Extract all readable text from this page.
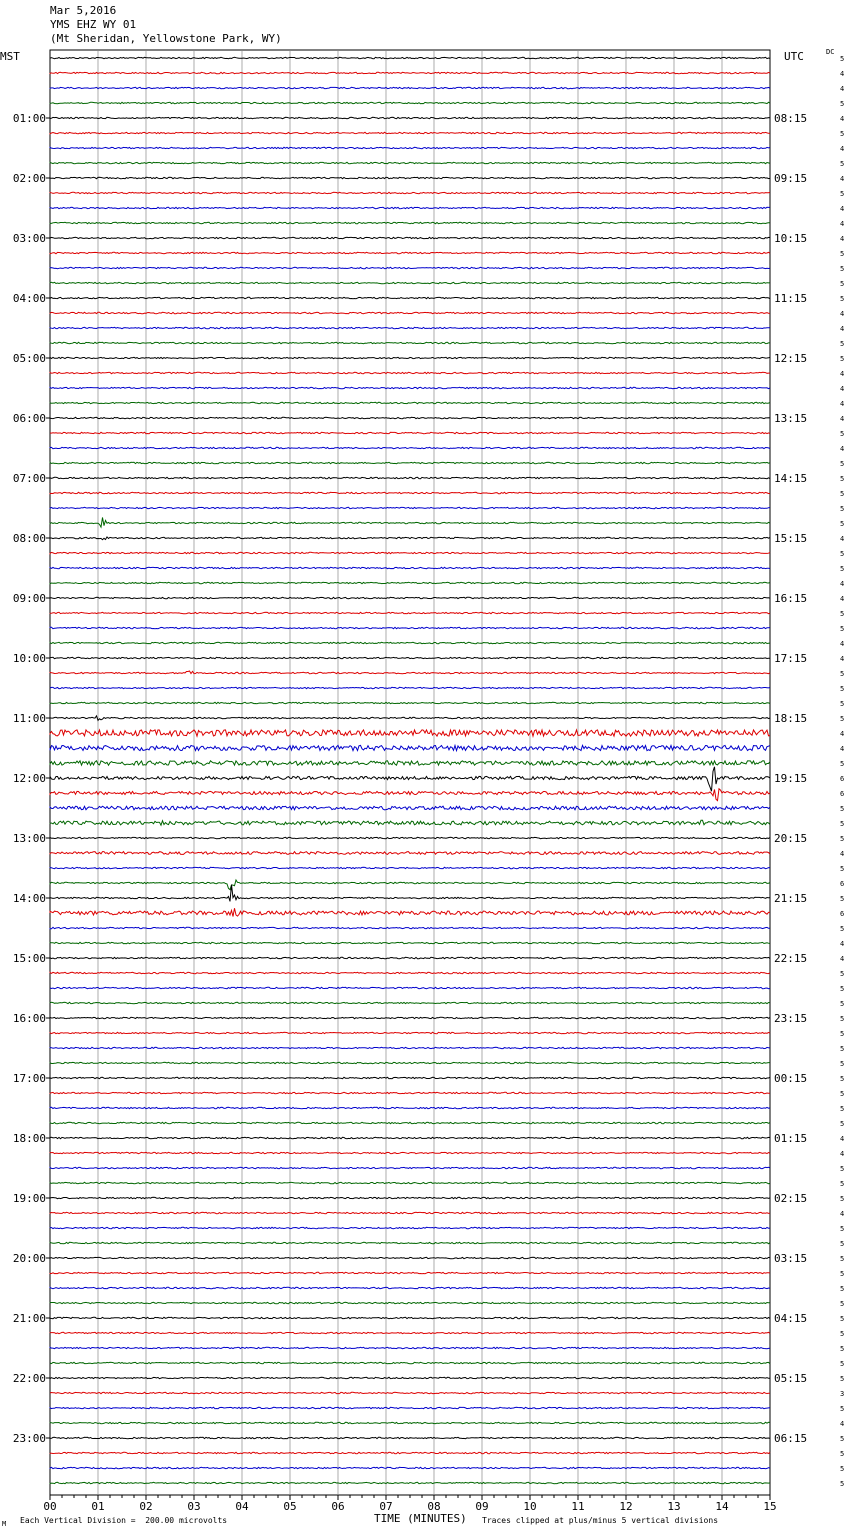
Mar 5,2016
YMS EHZ WY 01
(Mt Sheridan, Yellowstone Park, WY)
MST	UTC	DC
5
4
4
5
4
5
4
5
4
5
4
4
4
5
5
5
5
4
4
5
5
4
4
4
4
5
4
5
5
5
5
5
4
5
5
4
4
5
5
4
4
5
5
5
5
4
4
5
6
6
5
5
5
4
5
6
5
6
5
4
4
5
5
5
5
5
5
5
5
5
5
5
4
4
5
5
5
4
5
5
5
5
5
5
5
5
5
5
5
3
5
4
5
5
5
5
01:00
02:00
03:00
04:00
05:00
06:00
07:00
08:00
09:00
10:00
11:00
12:00
13:00
14:00
15:00
16:00
17:00
18:00
19:00
20:00
21:00
22:00
23:00
08:15
09:15
10:15
11:15
12:15
13:15
14:15
15:15
16:15
17:15
18:15
19:15
20:15
21:15
22:15
23:15
00:15
01:15
02:15
03:15
04:15
05:15
06:15
00	01	02	03	04	05	06	07	08	09	10	11	12	13	14	15
M Each Vertical Division =  200.00 microvolts	TIME (MINUTES) Traces clipped at plus/minus 5 vertical divisions
